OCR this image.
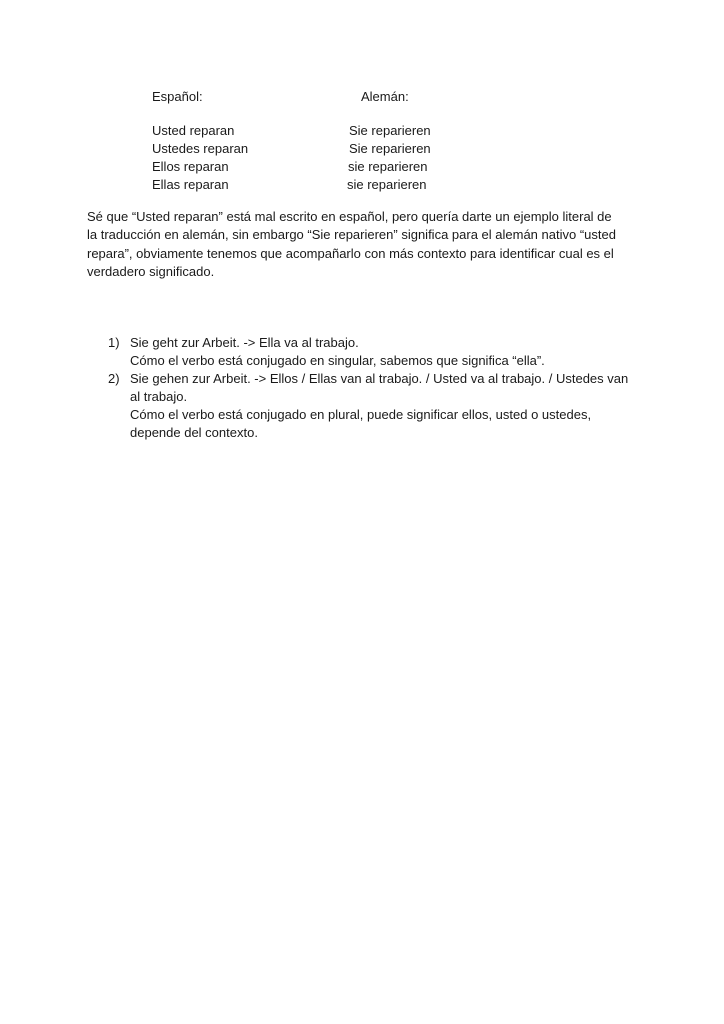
Español:	Alemán:
Usted reparan	Sie reparieren
Ustedes reparan	Sie reparieren
Ellos reparan	sie reparieren
Ellas reparan	sie reparieren
Sé que “Usted reparan” está mal escrito en español, pero quería darte un ejemplo literal de
la traducción en alemán, sin embargo “Sie reparieren” significa para el alemán nativo “usted
repara”, obviamente tenemos que acompañarlo con más contexto para identificar cual es el
verdadero significado.
1) Sie geht zur Arbeit. -> Ella va al trabajo.
Cómo el verbo está conjugado en singular, sabemos que significa “ella”.
2) Sie gehen zur Arbeit. -> Ellos / Ellas van al trabajo. / Usted va al trabajo. / Ustedes van
al trabajo.
Cómo el verbo está conjugado en plural, puede significar ellos, usted o ustedes,
depende del contexto.
